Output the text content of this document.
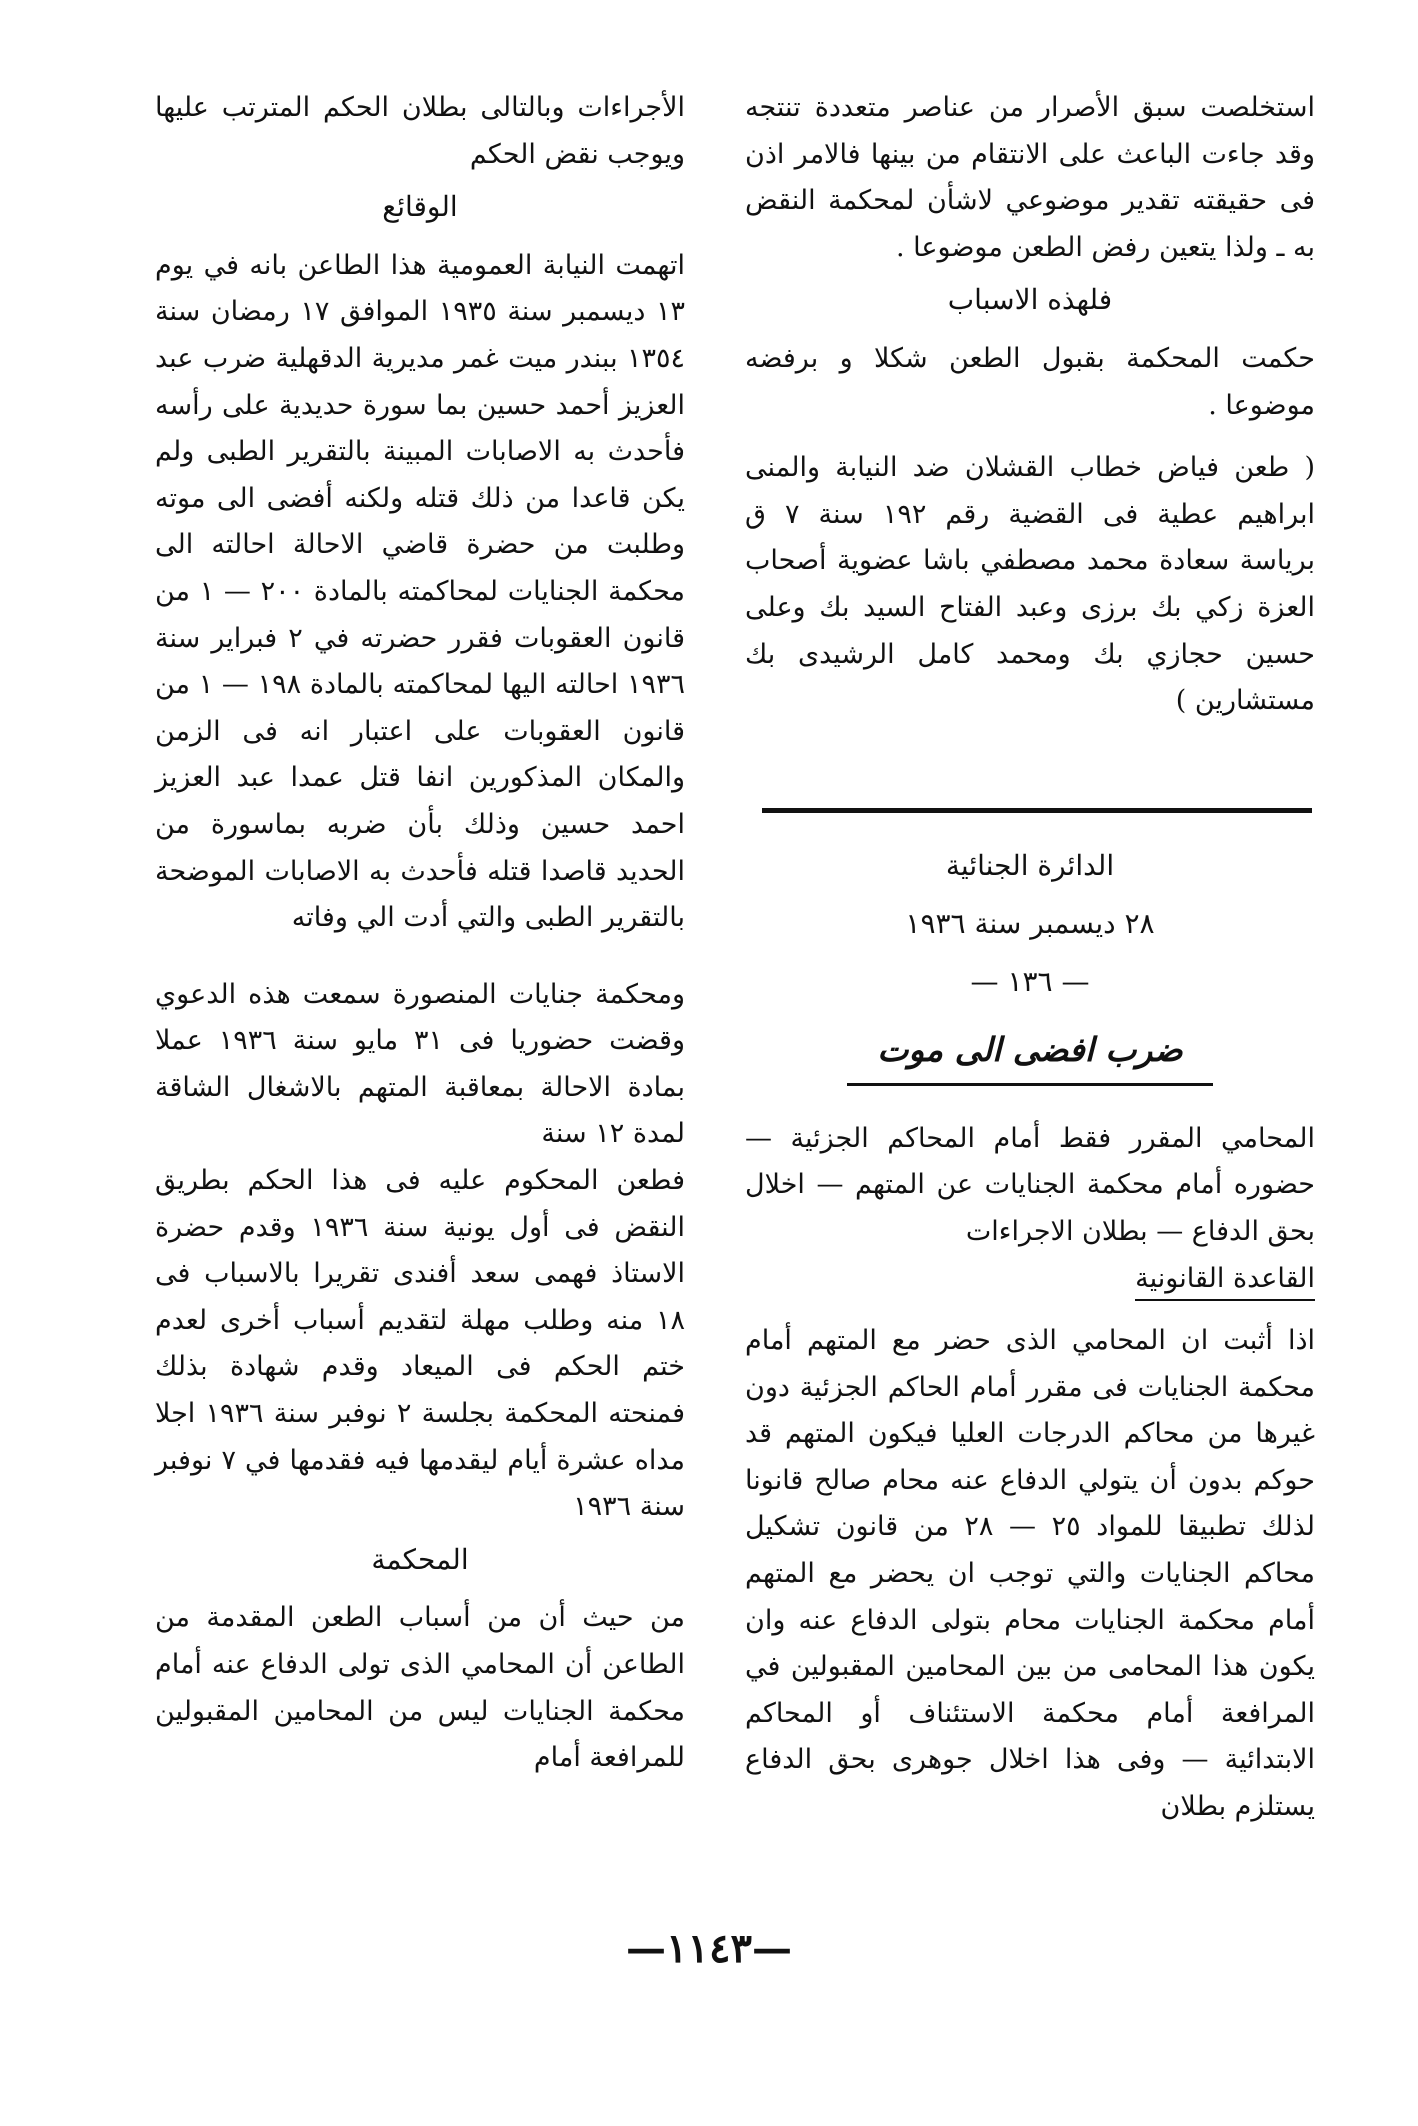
استخلصت سبق الأصرار من عناصر متعددة تنتجه وقد جاءت الباعث على الانتقام من بينها فالامر اذن فى حقيقته تقدير موضوعي لاشأن لمحكمة النقض به ـ ولذا يتعين رفض الطعن موضوعا .

فلهذه الاسباب

حكمت المحكمة بقبول الطعن شكلا و برفضه موضوعا .

( طعن فياض خطاب القشلان ضد النيابة والمنى ابراهيم عطية فى القضية رقم ١٩٢ سنة ٧ ق برياسة سعادة محمد مصطفي باشا عضوية أصحاب العزة زكي بك برزى وعبد الفتاح السيد بك وعلى حسين حجازي بك ومحمد كامل الرشيدى بك مستشارين )

الدائرة الجنائية
٢٨ ديسمبر سنة ١٩٣٦
— ١٣٦ —
ضرب افضى الى موت

المحامي المقرر فقط أمام المحاكم الجزئية — حضوره أمام محكمة الجنايات عن المتهم — اخلال بحق الدفاع — بطلان الاجراءات

القاعدة القانونية

اذا أثبت ان المحامي الذى حضر مع المتهم أمام محكمة الجنايات فى مقرر أمام الحاكم الجزئية دون غيرها من محاكم الدرجات العليا فيكون المتهم قد حوكم بدون أن يتولي الدفاع عنه محام صالح قانونا لذلك تطبيقا للمواد ٢٥ — ٢٨ من قانون تشكيل محاكم الجنايات والتي توجب ان يحضر مع المتهم أمام محكمة الجنايات محام بتولى الدفاع عنه وان يكون هذا المحامى من بين المحامين المقبولين في المرافعة أمام محكمة الاستئناف أو المحاكم الابتدائية — وفى هذا اخلال جوهرى بحق الدفاع يستلزم بطلان

الأجراءات وبالتالى بطلان الحكم المترتب عليها ويوجب نقض الحكم

الوقائع

اتهمت النيابة العمومية هذا الطاعن بانه في يوم ١٣ ديسمبر سنة ١٩٣٥ الموافق ١٧ رمضان سنة ١٣٥٤ ببندر ميت غمر مديرية الدقهلية ضرب عبد العزيز أحمد حسين بما سورة حديدية على رأسه فأحدث به الاصابات المبينة بالتقرير الطبى ولم يكن قاعدا من ذلك قتله ولكنه أفضى الى موته وطلبت من حضرة قاضي الاحالة احالته الى محكمة الجنايات لمحاكمته بالمادة ٢٠٠ — ١ من قانون العقوبات فقرر حضرته في ٢ فبراير سنة ١٩٣٦ احالته اليها لمحاكمته بالمادة ١٩٨ — ١ من قانون العقوبات على اعتبار انه فى الزمن والمكان المذكورين انفا قتل عمدا عبد العزيز احمد حسين وذلك بأن ضربه بماسورة من الحديد قاصدا قتله فأحدث به الاصابات الموضحة بالتقرير الطبى والتي أدت الي وفاته

ومحكمة جنايات المنصورة سمعت هذه الدعوي وقضت حضوريا فى ٣١ مايو سنة ١٩٣٦ عملا بمادة الاحالة بمعاقبة المتهم بالاشغال الشاقة لمدة ١٢ سنة

فطعن المحكوم عليه فى هذا الحكم بطريق النقض فى أول يونية سنة ١٩٣٦ وقدم حضرة الاستاذ فهمى سعد أفندى تقريرا بالاسباب فى ١٨ منه وطلب مهلة لتقديم أسباب أخرى لعدم ختم الحكم فى الميعاد وقدم شهادة بذلك فمنحته المحكمة بجلسة ٢ نوفبر سنة ١٩٣٦ اجلا مداه عشرة أيام ليقدمها فيه فقدمها في ٧ نوفبر سنة ١٩٣٦

المحكمة

من حيث أن من أسباب الطعن المقدمة من الطاعن أن المحامي الذى تولى الدفاع عنه أمام محكمة الجنايات ليس من المحامين المقبولين للمرافعة أمام

—١١٤٣—
